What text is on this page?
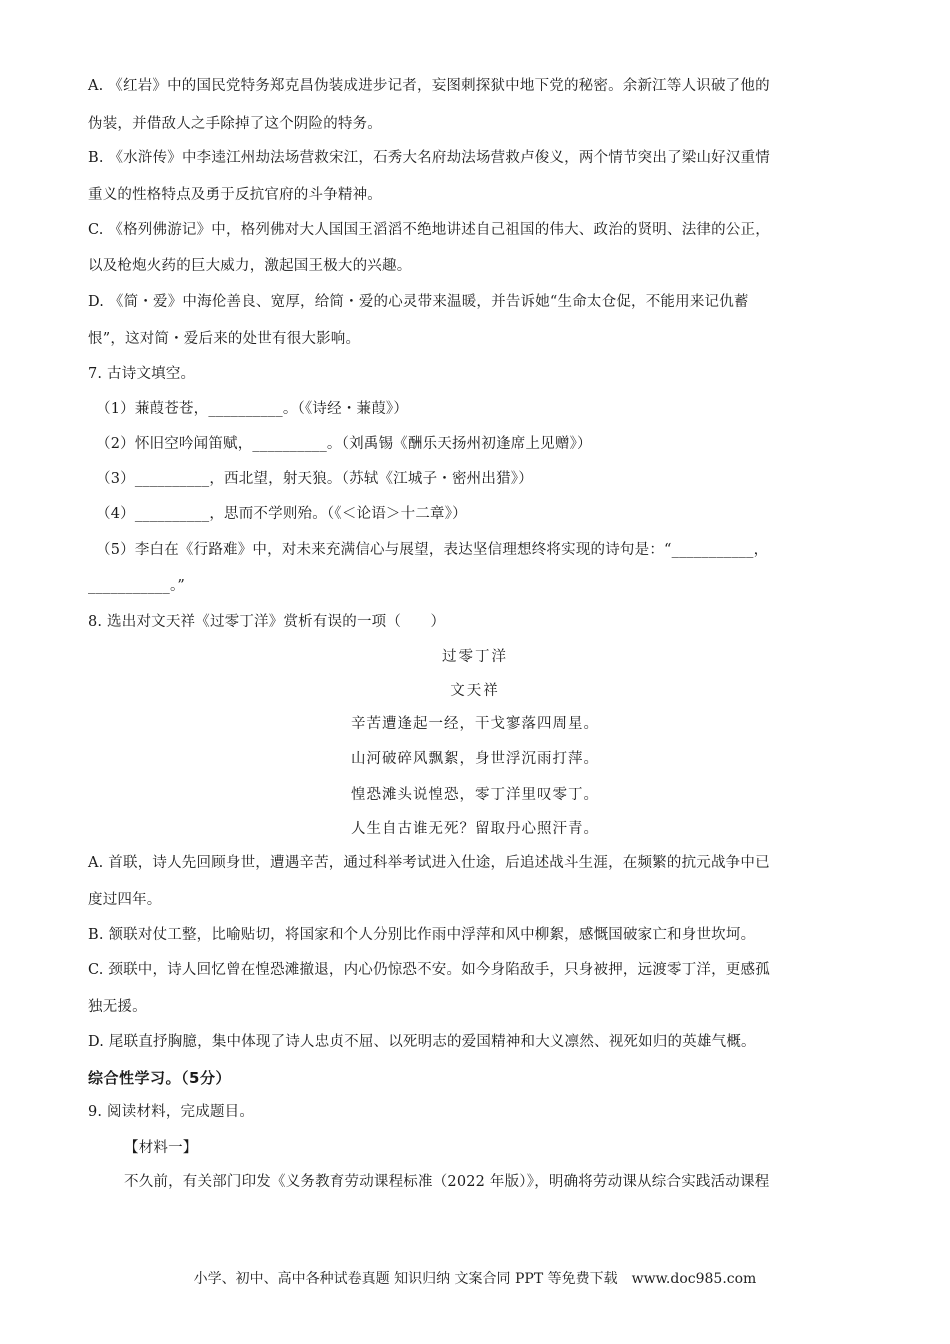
A. 《红岩》中的国民党特务郑克昌伪装成进步记者，妄图刺探狱中地下党的秘密。余新江等人识破了他的
伪装，并借敌人之手除掉了这个阴险的特务。
B. 《水浒传》中李逵江州劫法场营救宋江，石秀大名府劫法场营救卢俊义，两个情节突出了梁山好汉重情
重义的性格特点及勇于反抗官府的斗争精神。
C. 《格列佛游记》中，格列佛对大人国国王滔滔不绝地讲述自己祖国的伟大、政治的贤明、法律的公正，
以及枪炮火药的巨大威力，激起国王极大的兴趣。
D. 《简・爱》中海伦善良、宽厚，给简・爱的心灵带来温暖，并告诉她“生命太仓促，不能用来记仇蓄
恨”，这对简・爱后来的处世有很大影响。
7. 古诗文填空。
（1）蒹葭苍苍，__________。（《诗经・蒹葭》）
（2）怀旧空吟闻笛赋，__________。（刘禹锡《酬乐天扬州初逢席上见赠》）
（3）__________，西北望，射天狼。（苏轼《江城子・密州出猎》）
（4）__________，思而不学则殆。（《＜论语＞十二章》）
（5）李白在《行路难》中，对未来充满信心与展望，表达坚信理想终将实现的诗句是：“___________，
___________。”
8. 选出对文天祥《过零丁洋》赏析有误的一项（　　）
过零丁洋
文天祥
辛苦遭逢起一经，干戈寥落四周星。
山河破碎风飘絮，身世浮沉雨打萍。
惶恐滩头说惶恐，零丁洋里叹零丁。
人生自古谁无死？留取丹心照汗青。
A. 首联，诗人先回顾身世，遭遇辛苦，通过科举考试进入仕途，后追述战斗生涯，在频繁的抗元战争中已
度过四年。
B. 颔联对仗工整，比喻贴切，将国家和个人分别比作雨中浮萍和风中柳絮，感慨国破家亡和身世坎坷。
C. 颈联中，诗人回忆曾在惶恐滩撤退，内心仍惊恐不安。如今身陷敌手，只身被押，远渡零丁洋，更感孤
独无援。
D. 尾联直抒胸臆，集中体现了诗人忠贞不屈、以死明志的爱国精神和大义凛然、视死如归的英雄气概。
综合性学习。（5分）
9. 阅读材料，完成题目。
【材料一】
不久前，有关部门印发《义务教育劳动课程标准（2022 年版）》，明确将劳动课从综合实践活动课程
小学、初中、高中各种试卷真题 知识归纳 文案合同 PPT 等免费下载 www.doc985.com
